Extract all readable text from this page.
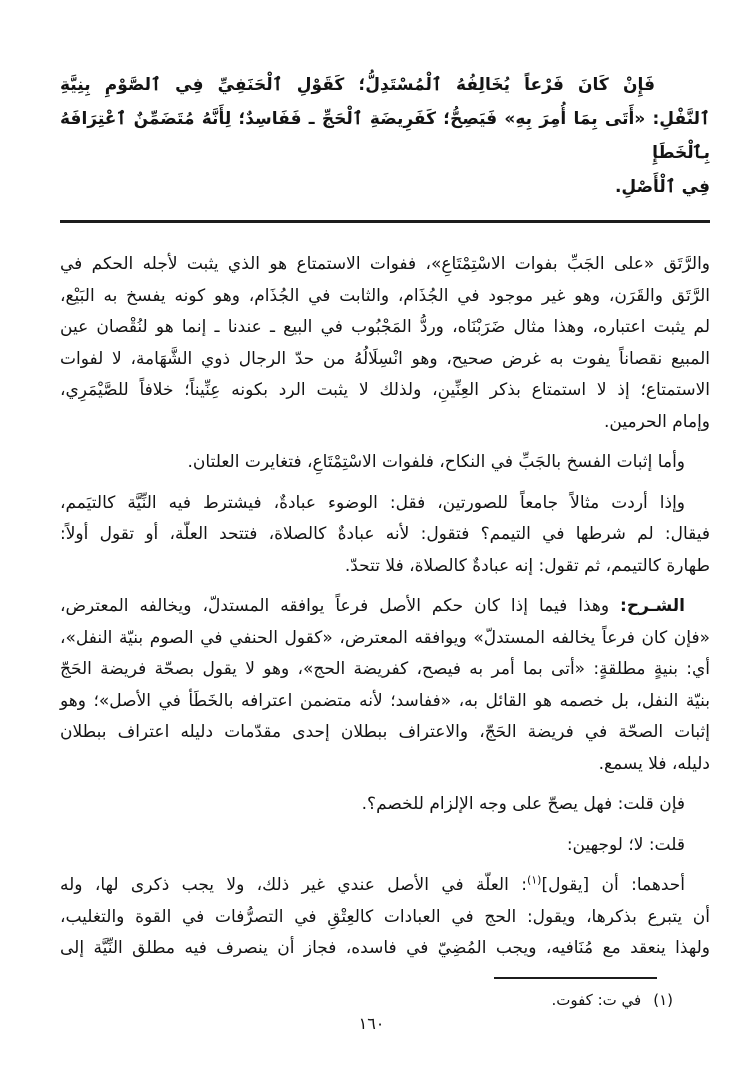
فَإِنْ كَانَ فَرْعاً يُخَالِفُهُ ٱلْمُسْتَدِلُّ؛ كَقَوْلِ ٱلْحَنَفِيِّ فِي ٱلصَّوْمِ بِنِيَّةِ
ٱلنَّفْلِ: «أَتَى بِمَا أُمِرَ بِهِ» فَيَصِحُّ؛ كَفَرِيضَةِ ٱلْحَجِّ ـ فَفَاسِدٌ؛ لِأَنَّهُ مُتَضَمِّنٌ ٱعْتِرَافَهُ بِٱلْخَطَإِ
فِي ٱلْأَصْلِ.

والرَّتَق «على الجَبِّ بفوات الاسْتِمْتَاعِ»، ففوات الاستمتاع هو الذي يثبت لأجله الحكم في
الرَّتَق والقَرَن، وهو غير موجود في الجُذَام، والثابت في الجُذَام، وهو كونه يفسخ به البَيْع،
لم يثبت اعتباره، وهذا مثال ضَرَبْنَاه، وردُّ المَجْبُوب في البيع ـ عندنا ـ إنما هو لنُقْصان عين
المبيع نقصاناً يفوت به غرض صحيح، وهو انْسِلَالُهُ من حدّ الرجال ذوي الشَّهَامة، لا لفوات
الاستمتاع؛ إذ لا استمتاع بذكر العِنِّينِ، ولذلك لا يثبت الرد بكونه عِنِّيناً؛ خلافاً للصَّيْمَرِي،
وإمام الحرمين.

وأما إثبات الفسخ بالجَبِّ في النكاح، فلفوات الاسْتِمْتَاعِ، فتغايرت العلتان.

وإذا أردت مثالاً جامعاً للصورتين، فقل: الوضوء عبادةٌ، فيشترط فيه النِّيَّة كالتيَمم،
فيقال: لم شرطها في التيمم؟ فتقول: لأنه عبادةٌ كالصلاة، فتتحد العلّة، أو تقول أولاً:
طهارة كالتيمم، ثم تقول: إنه عبادةٌ كالصلاة، فلا تتحدّ.

الشـرح: وهذا فيما إذا كان حكم الأصل فرعاً يوافقه المستدلّ، ويخالفه المعترض،
«فإن كان فرعاً يخالفه المستدلّ» ويوافقه المعترض، «كقول الحنفي في الصوم بنيّة النفل»،
أي: بنيةٍ مطلقةٍ: «أتى بما أمر به فيصح، كفريضة الحج»، وهو لا يقول بصحّة فريضة الحَجّ
بنيّة النفل، بل خصمه هو القائل به، «ففاسد؛ لأنه متضمن اعترافه بالخَطَأ في الأصل»؛ وهو
إثبات الصحّة في فريضة الحَجّ، والاعتراف ببطلان إحدى مقدّمات دليله اعتراف ببطلان
دليله، فلا يسمع.

فإن قلت: فهل يصحّ على وجه الإلزام للخصم؟.

قلت: لا؛ لوجهين:

أحدهما: أن [يقول]$^{(١)}$: العلّة في الأصل عندي غير ذلك، ولا يجب ذكرى لها، وله
أن يتبرع بذكرها، ويقول: الحج في العبادات كالعِتْقِ في التصرُّفات في القوة والتغليب،
ولهذا ينعقد مع مُنَافيه، ويجب المُضِيّ في فاسده، فجاز أن ينصرف فيه مطلق النِّيَّة إلى

(١)في ت: كفوت.
١٦٠
